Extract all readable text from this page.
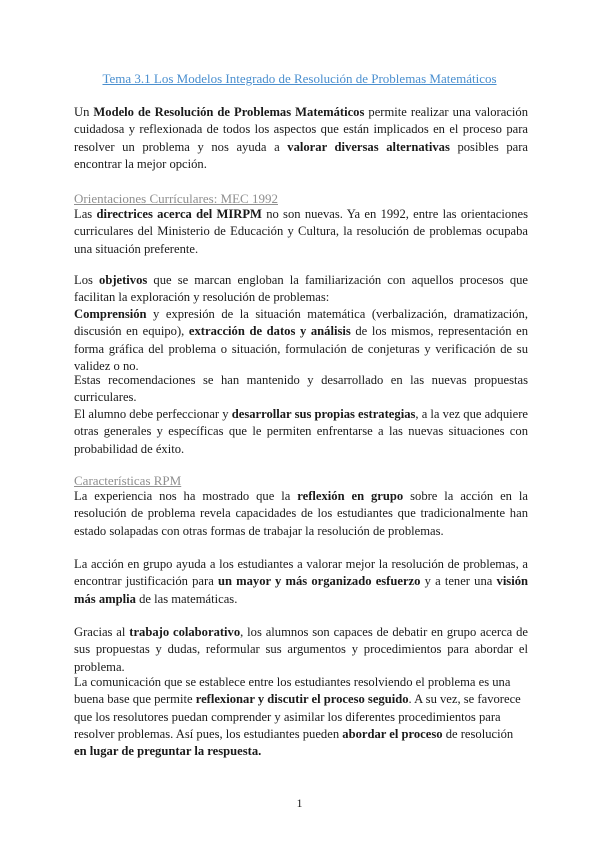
Tema 3.1 Los Modelos Integrado de Resolución de Problemas Matemáticos

Un Modelo de Resolución de Problemas Matemáticos permite realizar una valoración cuidadosa y reflexionada de todos los aspectos que están implicados en el proceso para resolver un problema y nos ayuda a valorar diversas alternativas posibles para encontrar la mejor opción.

Orientaciones Currículares: MEC 1992

Las directrices acerca del MIRPM no son nuevas. Ya en 1992, entre las orientaciones curriculares del Ministerio de Educación y Cultura, la resolución de problemas ocupaba una situación preferente.

Los objetivos que se marcan engloban la familiarización con aquellos procesos que facilitan la exploración y resolución de problemas:

Comprensión y expresión de la situación matemática (verbalización, dramatización, discusión en equipo), extracción de datos y análisis de los mismos, representación en forma gráfica del problema o situación, formulación de conjeturas y verificación de su validez o no.

Estas recomendaciones se han mantenido y desarrollado en las nuevas propuestas curriculares.

El alumno debe perfeccionar y desarrollar sus propias estrategias, a la vez que adquiere otras generales y específicas que le permiten enfrentarse a las nuevas situaciones con probabilidad de éxito.

Características RPM

La experiencia nos ha mostrado que la reflexión en grupo sobre la acción en la resolución de problema revela capacidades de los estudiantes que tradicionalmente han estado solapadas con otras formas de trabajar la resolución de problemas.

La acción en grupo ayuda a los estudiantes a valorar mejor la resolución de problemas, a encontrar justificación para un mayor y más organizado esfuerzo y a tener una visión más amplia de las matemáticas.

Gracias al trabajo colaborativo, los alumnos son capaces de debatir en grupo acerca de sus propuestas y dudas, reformular sus argumentos y procedimientos para abordar el problema.

La comunicación que se establece entre los estudiantes resolviendo el problema es una buena base que permite reflexionar y discutir el proceso seguido. A su vez, se favorece que los resolutores puedan comprender y asimilar los diferentes procedimientos para resolver problemas. Así pues, los estudiantes pueden abordar el proceso de resolución en lugar de preguntar la respuesta.

1
